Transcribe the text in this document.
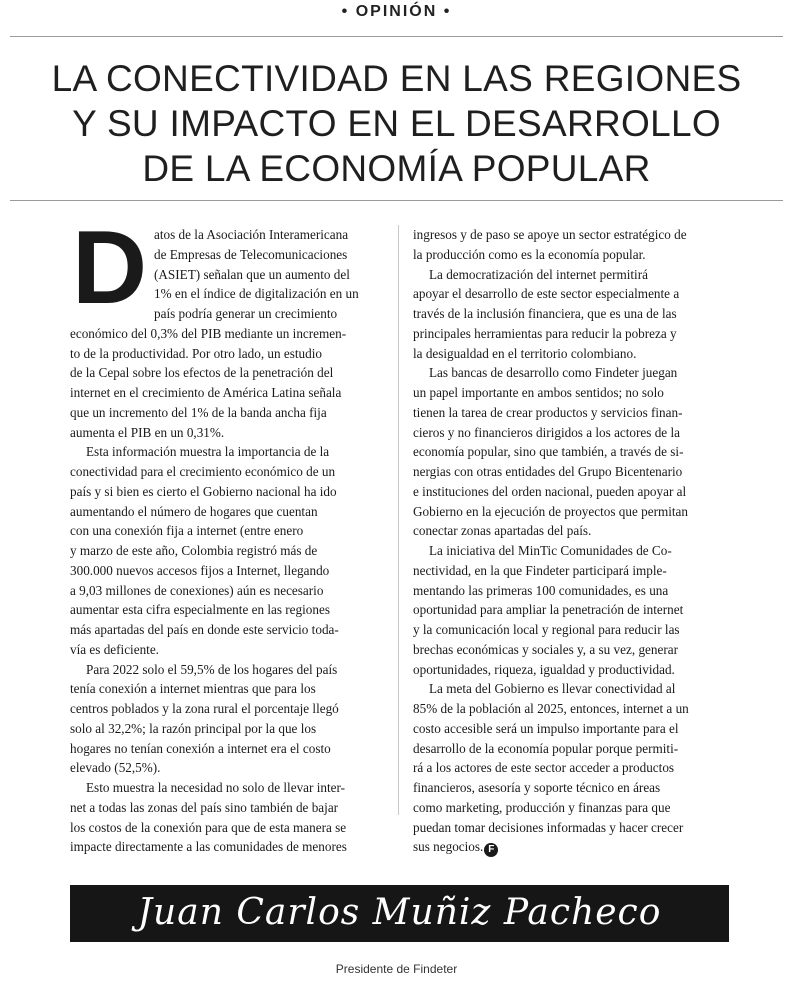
• OPINIÓN •
LA CONECTIVIDAD EN LAS REGIONES
Y SU IMPACTO EN EL DESARROLLO
DE LA ECONOMÍA POPULAR
D atos de la Asociación Interamericana
de Empresas de Telecomunicaciones
(ASIET) señalan que un aumento del
1% en el índice de digitalización en un
país podría generar un crecimiento
económico del 0,3% del PIB mediante un incremen-
to de la productividad. Por otro lado, un estudio
de la Cepal sobre los efectos de la penetración del
internet en el crecimiento de América Latina señala
que un incremento del 1% de la banda ancha fija
aumenta el PIB en un 0,31%.
Esta información muestra la importancia de la
conectividad para el crecimiento económico de un
país y si bien es cierto el Gobierno nacional ha ido
aumentando el número de hogares que cuentan
con una conexión fija a internet (entre enero
y marzo de este año, Colombia registró más de
300.000 nuevos accesos fijos a Internet, llegando
a 9,03 millones de conexiones) aún es necesario
aumentar esta cifra especialmente en las regiones
más apartadas del país en donde este servicio toda-
vía es deficiente.
Para 2022 solo el 59,5% de los hogares del país
tenía conexión a internet mientras que para los
centros poblados y la zona rural el porcentaje llegó
solo al 32,2%; la razón principal por la que los
hogares no tenían conexión a internet era el costo
elevado (52,5%).
Esto muestra la necesidad no solo de llevar inter-
net a todas las zonas del país sino también de bajar
los costos de la conexión para que de esta manera se
impacte directamente a las comunidades de menores
ingresos y de paso se apoye un sector estratégico de
la producción como es la economía popular.
La democratización del internet permitirá
apoyar el desarrollo de este sector especialmente a
través de la inclusión financiera, que es una de las
principales herramientas para reducir la pobreza y
la desigualdad en el territorio colombiano.
Las bancas de desarrollo como Findeter juegan
un papel importante en ambos sentidos; no solo
tienen la tarea de crear productos y servicios finan-
cieros y no financieros dirigidos a los actores de la
economía popular, sino que también, a través de si-
nergias con otras entidades del Grupo Bicentenario
e instituciones del orden nacional, pueden apoyar al
Gobierno en la ejecución de proyectos que permitan
conectar zonas apartadas del país.
La iniciativa del MinTic Comunidades de Co-
nectividad, en la que Findeter participará imple-
mentando las primeras 100 comunidades, es una
oportunidad para ampliar la penetración de internet
y la comunicación local y regional para reducir las
brechas económicas y sociales y, a su vez, generar
oportunidades, riqueza, igualdad y productividad.
La meta del Gobierno es llevar conectividad al
85% de la población al 2025, entonces, internet a un
costo accesible será un impulso importante para el
desarrollo de la economía popular porque permiti-
rá a los actores de este sector acceder a productos
financieros, asesoría y soporte técnico en áreas
como marketing, producción y finanzas para que
puedan tomar decisiones informadas y hacer crecer
sus negocios. F
Juan Carlos Muñiz Pacheco
Presidente de Findeter
